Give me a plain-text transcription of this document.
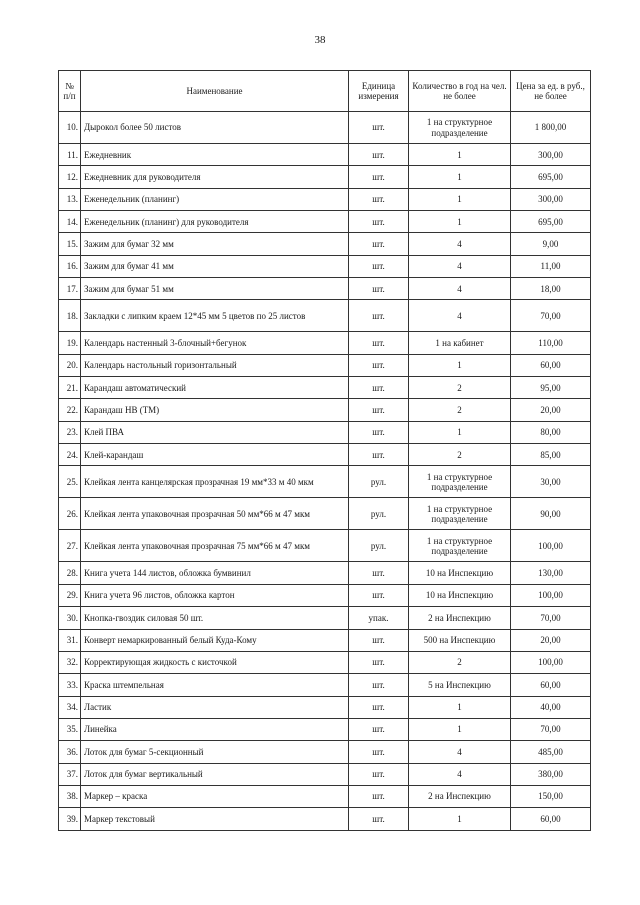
38
№ п/п	Наименование	Единица измерения	Количество в год на чел. не более	Цена за ед. в руб., не более
10.	Дырокол более 50 листов	шт.	1 на структурное подразделение	1 800,00
11.	Ежедневник	шт.	1	300,00
12.	Ежедневник для руководителя	шт.	1	695,00
13.	Еженедельник (планинг)	шт.	1	300,00
14.	Еженедельник (планинг) для руководителя	шт.	1	695,00
15.	Зажим для бумаг 32 мм	шт.	4	9,00
16.	Зажим для бумаг 41 мм	шт.	4	11,00
17.	Зажим для бумаг 51 мм	шт.	4	18,00
18.	Закладки с липким краем 12*45 мм 5 цветов по 25 листов	шт.	4	70,00
19.	Календарь настенный 3-блочный+бегунок	шт.	1 на кабинет	110,00
20.	Календарь настольный горизонтальный	шт.	1	60,00
21.	Карандаш автоматический	шт.	2	95,00
22.	Карандаш НВ (ТМ)	шт.	2	20,00
23.	Клей ПВА	шт.	1	80,00
24.	Клей-карандаш	шт.	2	85,00
25.	Клейкая лента канцелярская прозрачная 19 мм*33 м 40 мкм	рул.	1 на структурное подразделение	30,00
26.	Клейкая лента упаковочная прозрачная 50 мм*66 м 47 мкм	рул.	1 на структурное подразделение	90,00
27.	Клейкая лента упаковочная прозрачная 75 мм*66 м 47 мкм	рул.	1 на структурное подразделение	100,00
28.	Книга учета 144 листов, обложка бумвинил	шт.	10 на Инспекцию	130,00
29.	Книга учета 96 листов, обложка картон	шт.	10 на Инспекцию	100,00
30.	Кнопка-гвоздик силовая 50 шт.	упак.	2 на Инспекцию	70,00
31.	Конверт немаркированный белый Куда-Кому	шт.	500 на Инспекцию	20,00
32.	Корректирующая жидкость с кисточкой	шт.	2	100,00
33.	Краска штемпельная	шт.	5 на Инспекцию	60,00
34.	Ластик	шт.	1	40,00
35.	Линейка	шт.	1	70,00
36.	Лоток для бумаг 5-секционный	шт.	4	485,00
37.	Лоток для бумаг вертикальный	шт.	4	380,00
38.	Маркер – краска	шт.	2 на Инспекцию	150,00
39.	Маркер текстовый	шт.	1	60,00
